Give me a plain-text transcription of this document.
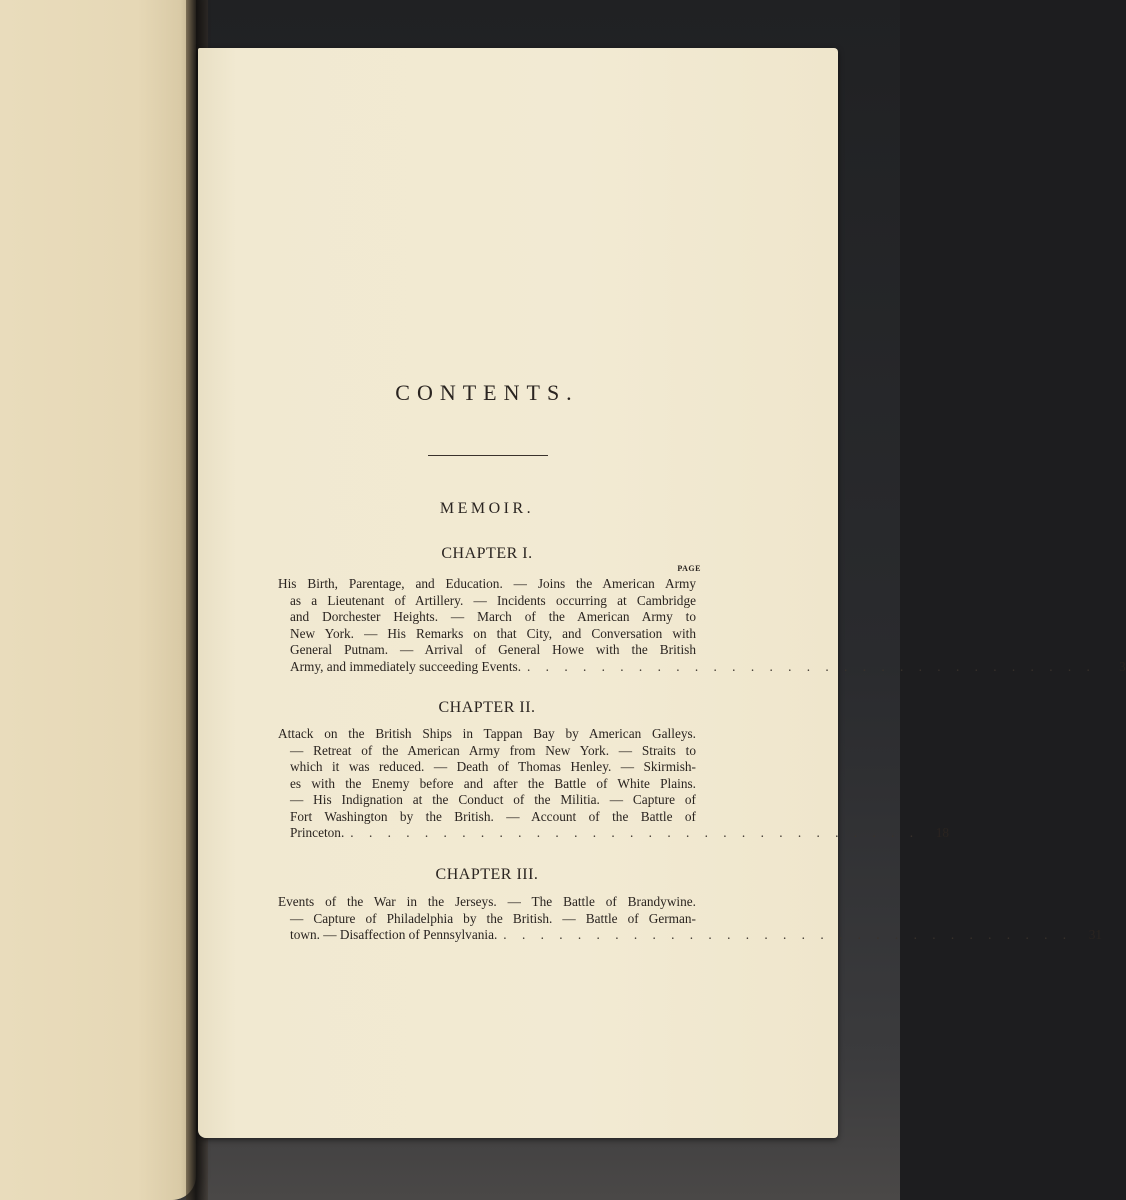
CONTENTS.
MEMOIR.
CHAPTER I.
PAGE
His Birth, Parentage, and Education. — Joins the American Army
as a Lieutenant of Artillery. — Incidents occurring at Cambridge
and Dorchester Heights. — March of the American Army to
New York. — His Remarks on that City, and Conversation with
General Putnam. — Arrival of General Howe with the British
Army, and immediately succeeding Events. . . . . . . . . . . . . . . . . . . . . . . . . . . . . . . .	3
CHAPTER II.
Attack on the British Ships in Tappan Bay by American Galleys.
— Retreat of the American Army from New York. — Straits to
which it was reduced. — Death of Thomas Henley. — Skirmish-
es with the Enemy before and after the Battle of White Plains.
— His Indignation at the Conduct of the Militia. — Capture of
Fort Washington by the British. — Account of the Battle of
Princeton. . . . . . . . . . . . . . . . . . . . . . . . . . . . . . . .	18
CHAPTER III.
Events of the War in the Jerseys. — The Battle of Brandywine.
— Capture of Philadelphia by the British. — Battle of German-
town. — Disaffection of Pennsylvania. . . . . . . . . . . . . . . . . . . . . . . . . . . . . . . .	31
